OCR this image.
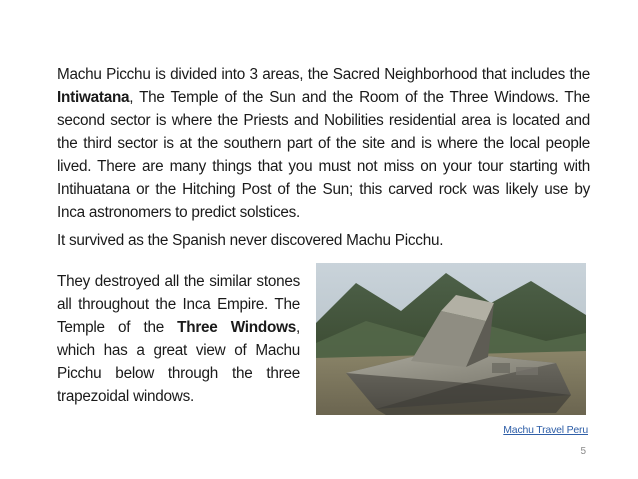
Machu Picchu is divided into 3 areas, the Sacred Neighborhood that includes the Intiwatana, The Temple of the Sun and the Room of the Three Windows. The second sector is where the Priests and Nobilities residential area is located and the third sector is at the southern part of the site and is where the local people lived. There are many things that you must not miss on your tour starting with Intihuatana or the Hitching Post of the Sun; this carved rock was likely use by Inca astronomers to predict solstices.

It survived as the Spanish never discovered Machu Picchu.

They destroyed all the similar stones all throughout the Inca Empire. The Temple of the Three Windows, which has a great view of Machu Picchu below through the three trapezoidal windows.

Machu Travel Peru
5
